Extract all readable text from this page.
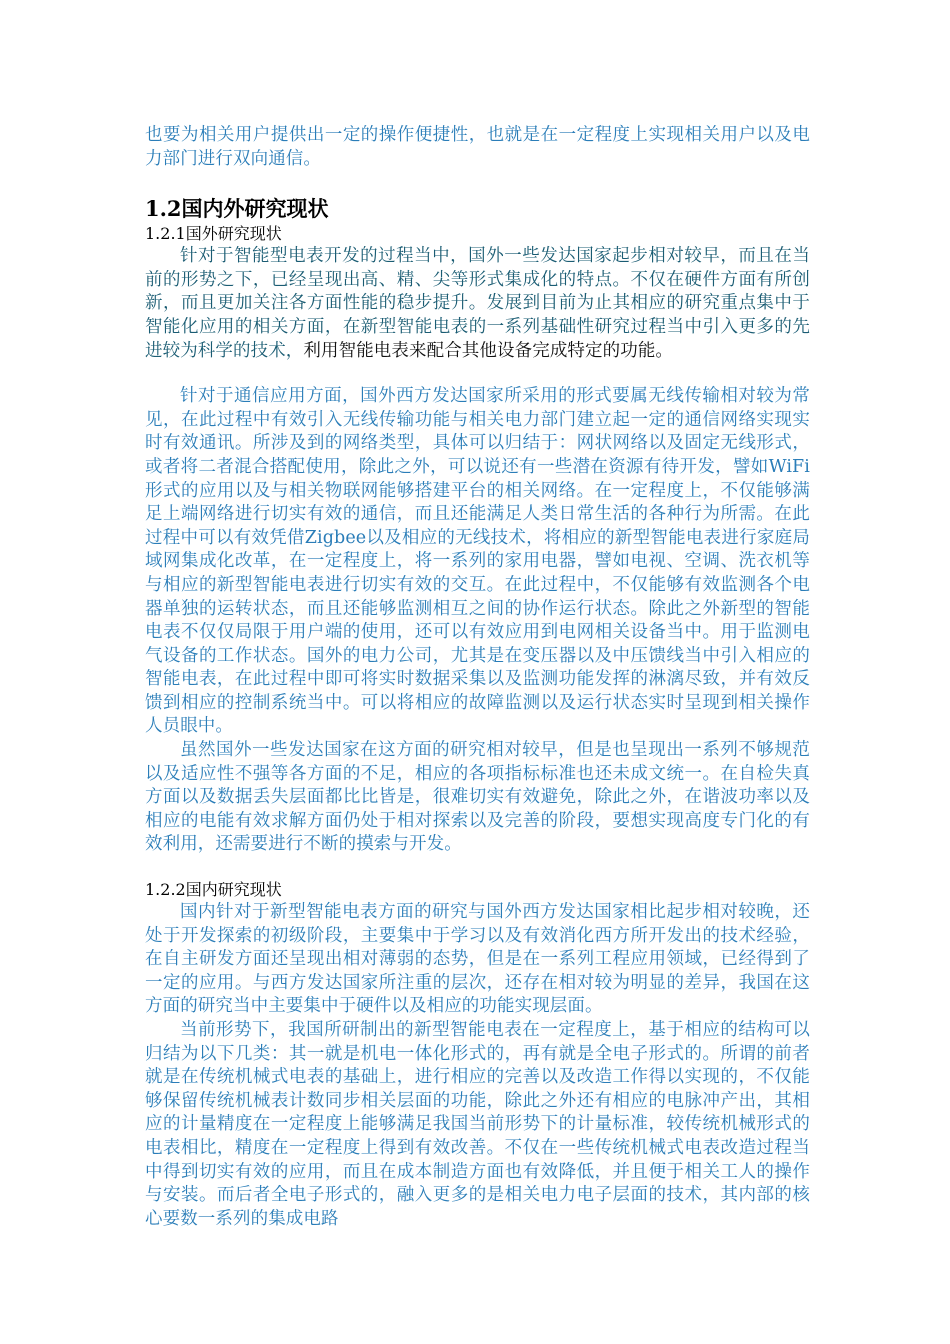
也要为相关用户提供出一定的操作便捷性，也就是在一定程度上实现相关用户以及电力部门进行双向通信。

1.2国内外研究现状
1.2.1国外研究现状

针对于智能型电表开发的过程当中，国外一些发达国家起步相对较早，而且在当前的形势之下，已经呈现出高、精、尖等形式集成化的特点。不仅在硬件方面有所创新，而且更加关注各方面性能的稳步提升。发展到目前为止其相应的研究重点集中于智能化应用的相关方面，在新型智能电表的一系列基础性研究过程当中引入更多的先进较为科学的技术，利用智能电表来配合其他设备完成特定的功能。

针对于通信应用方面，国外西方发达国家所采用的形式要属无线传输相对较为常见，在此过程中有效引入无线传输功能与相关电力部门建立起一定的通信网络实现实时有效通讯。所涉及到的网络类型，具体可以归结于：网状网络以及固定无线形式，或者将二者混合搭配使用，除此之外，可以说还有一些潜在资源有待开发，譬如WiFi形式的应用以及与相关物联网能够搭建平台的相关网络。在一定程度上，不仅能够满足上端网络进行切实有效的通信，而且还能满足人类日常生活的各种行为所需。在此过程中可以有效凭借Zigbee以及相应的无线技术，将相应的新型智能电表进行家庭局域网集成化改革，在一定程度上，将一系列的家用电器，譬如电视、空调、洗衣机等与相应的新型智能电表进行切实有效的交互。在此过程中，不仅能够有效监测各个电器单独的运转状态，而且还能够监测相互之间的协作运行状态。除此之外新型的智能电表不仅仅局限于用户端的使用，还可以有效应用到电网相关设备当中。用于监测电气设备的工作状态。国外的电力公司，尤其是在变压器以及中压馈线当中引入相应的智能电表，在此过程中即可将实时数据采集以及监测功能发挥的淋漓尽致，并有效反馈到相应的控制系统当中。可以将相应的故障监测以及运行状态实时呈现到相关操作人员眼中。

虽然国外一些发达国家在这方面的研究相对较早，但是也呈现出一系列不够规范以及适应性不强等各方面的不足，相应的各项指标标准也还未成文统一。在自检失真方面以及数据丢失层面都比比皆是，很难切实有效避免，除此之外，在谐波功率以及相应的电能有效求解方面仍处于相对探索以及完善的阶段，要想实现高度专门化的有效利用，还需要进行不断的摸索与开发。

1.2.2国内研究现状

国内针对于新型智能电表方面的研究与国外西方发达国家相比起步相对较晚，还处于开发探索的初级阶段，主要集中于学习以及有效消化西方所开发出的技术经验，在自主研发方面还呈现出相对薄弱的态势，但是在一系列工程应用领域，已经得到了一定的应用。与西方发达国家所注重的层次，还存在相对较为明显的差异，我国在这方面的研究当中主要集中于硬件以及相应的功能实现层面。

当前形势下，我国所研制出的新型智能电表在一定程度上，基于相应的结构可以归结为以下几类：其一就是机电一体化形式的，再有就是全电子形式的。所谓的前者就是在传统机械式电表的基础上，进行相应的完善以及改造工作得以实现的，不仅能够保留传统机械表计数同步相关层面的功能，除此之外还有相应的电脉冲产出，其相应的计量精度在一定程度上能够满足我国当前形势下的计量标准，较传统机械形式的电表相比，精度在一定程度上得到有效改善。不仅在一些传统机械式电表改造过程当中得到切实有效的应用，而且在成本制造方面也有效降低，并且便于相关工人的操作与安装。而后者全电子形式的，融入更多的是相关电力电子层面的技术，其内部的核心要数一系列的集成电路
